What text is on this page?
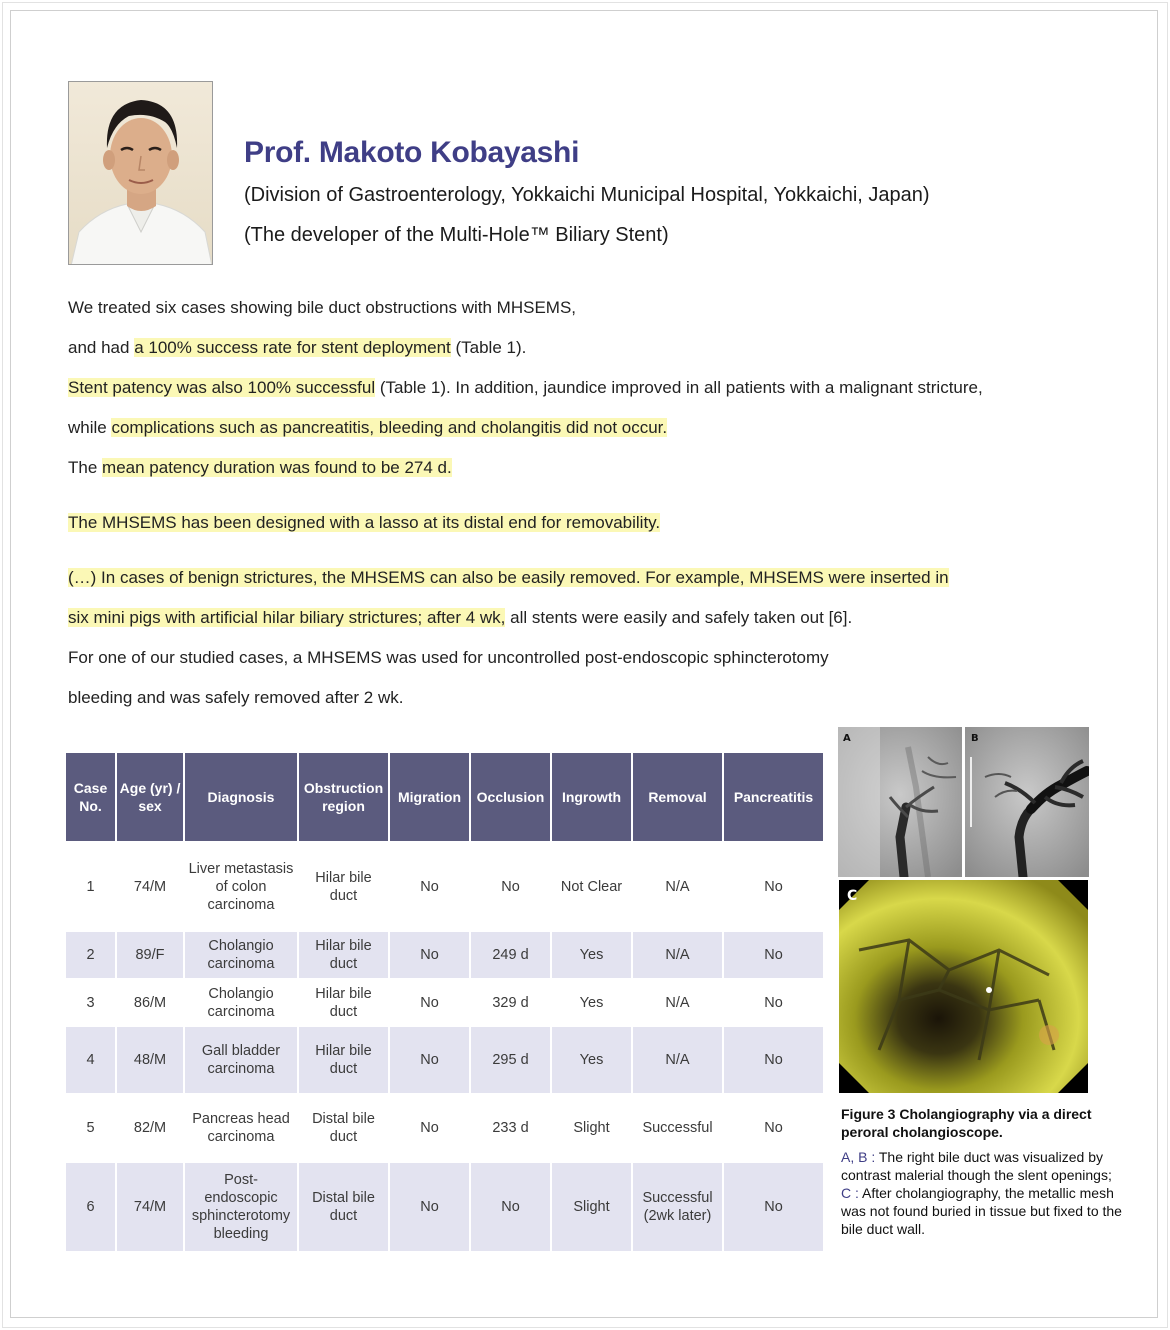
Prof. Makoto Kobayashi
(Division of Gastroenterology, Yokkaichi Municipal Hospital, Yokkaichi, Japan)
(The developer of the Multi-Hole™ Biliary Stent)
We treated six cases showing bile duct obstructions with MHSEMS,
and had a 100% success rate for stent deployment (Table 1).
Stent patency was also 100% successful (Table 1). In addition, jaundice improved in all patients with a malignant stricture,
while complications such as pancreatitis, bleeding and cholangitis did not occur.
The mean patency duration was found to be 274 d.
The MHSEMS has been designed with a lasso at its distal end for removability.
(…) In cases of benign strictures, the MHSEMS can also be easily removed. For example, MHSEMS were inserted in
six mini pigs with artificial hilar biliary strictures; after 4 wk, all stents were easily and safely taken out [6].
For one of our studied cases, a MHSEMS was used for uncontrolled post-endoscopic sphincterotomy
bleeding and was safely removed after 2 wk.
Case No.	Age (yr) / sex	Diagnosis	Obstruction region	Migration	Occlusion	Ingrowth	Removal	Pancreatitis
1	74/M	Liver metastasis of colon carcinoma	Hilar bile duct	No	No	Not Clear	N/A	No
2	89/F	Cholangio carcinoma	Hilar bile duct	No	249 d	Yes	N/A	No
3	86/M	Cholangio carcinoma	Hilar bile duct	No	329 d	Yes	N/A	No
4	48/M	Gall bladder carcinoma	Hilar bile duct	No	295 d	Yes	N/A	No
5	82/M	Pancreas head carcinoma	Distal bile duct	No	233 d	Slight	Successful	No
6	74/M	Post-endoscopic sphincterotomy bleeding	Distal bile duct	No	No	Slight	Successful (2wk later)	No
A	B
C
Figure 3 Cholangiography via a direct peroral cholangioscope.
A, B : The right bile duct was visualized by contrast malerial though the slent openings;
C : After cholangiography, the metallic mesh was not found buried in tissue but fixed to the bile duct wall.
